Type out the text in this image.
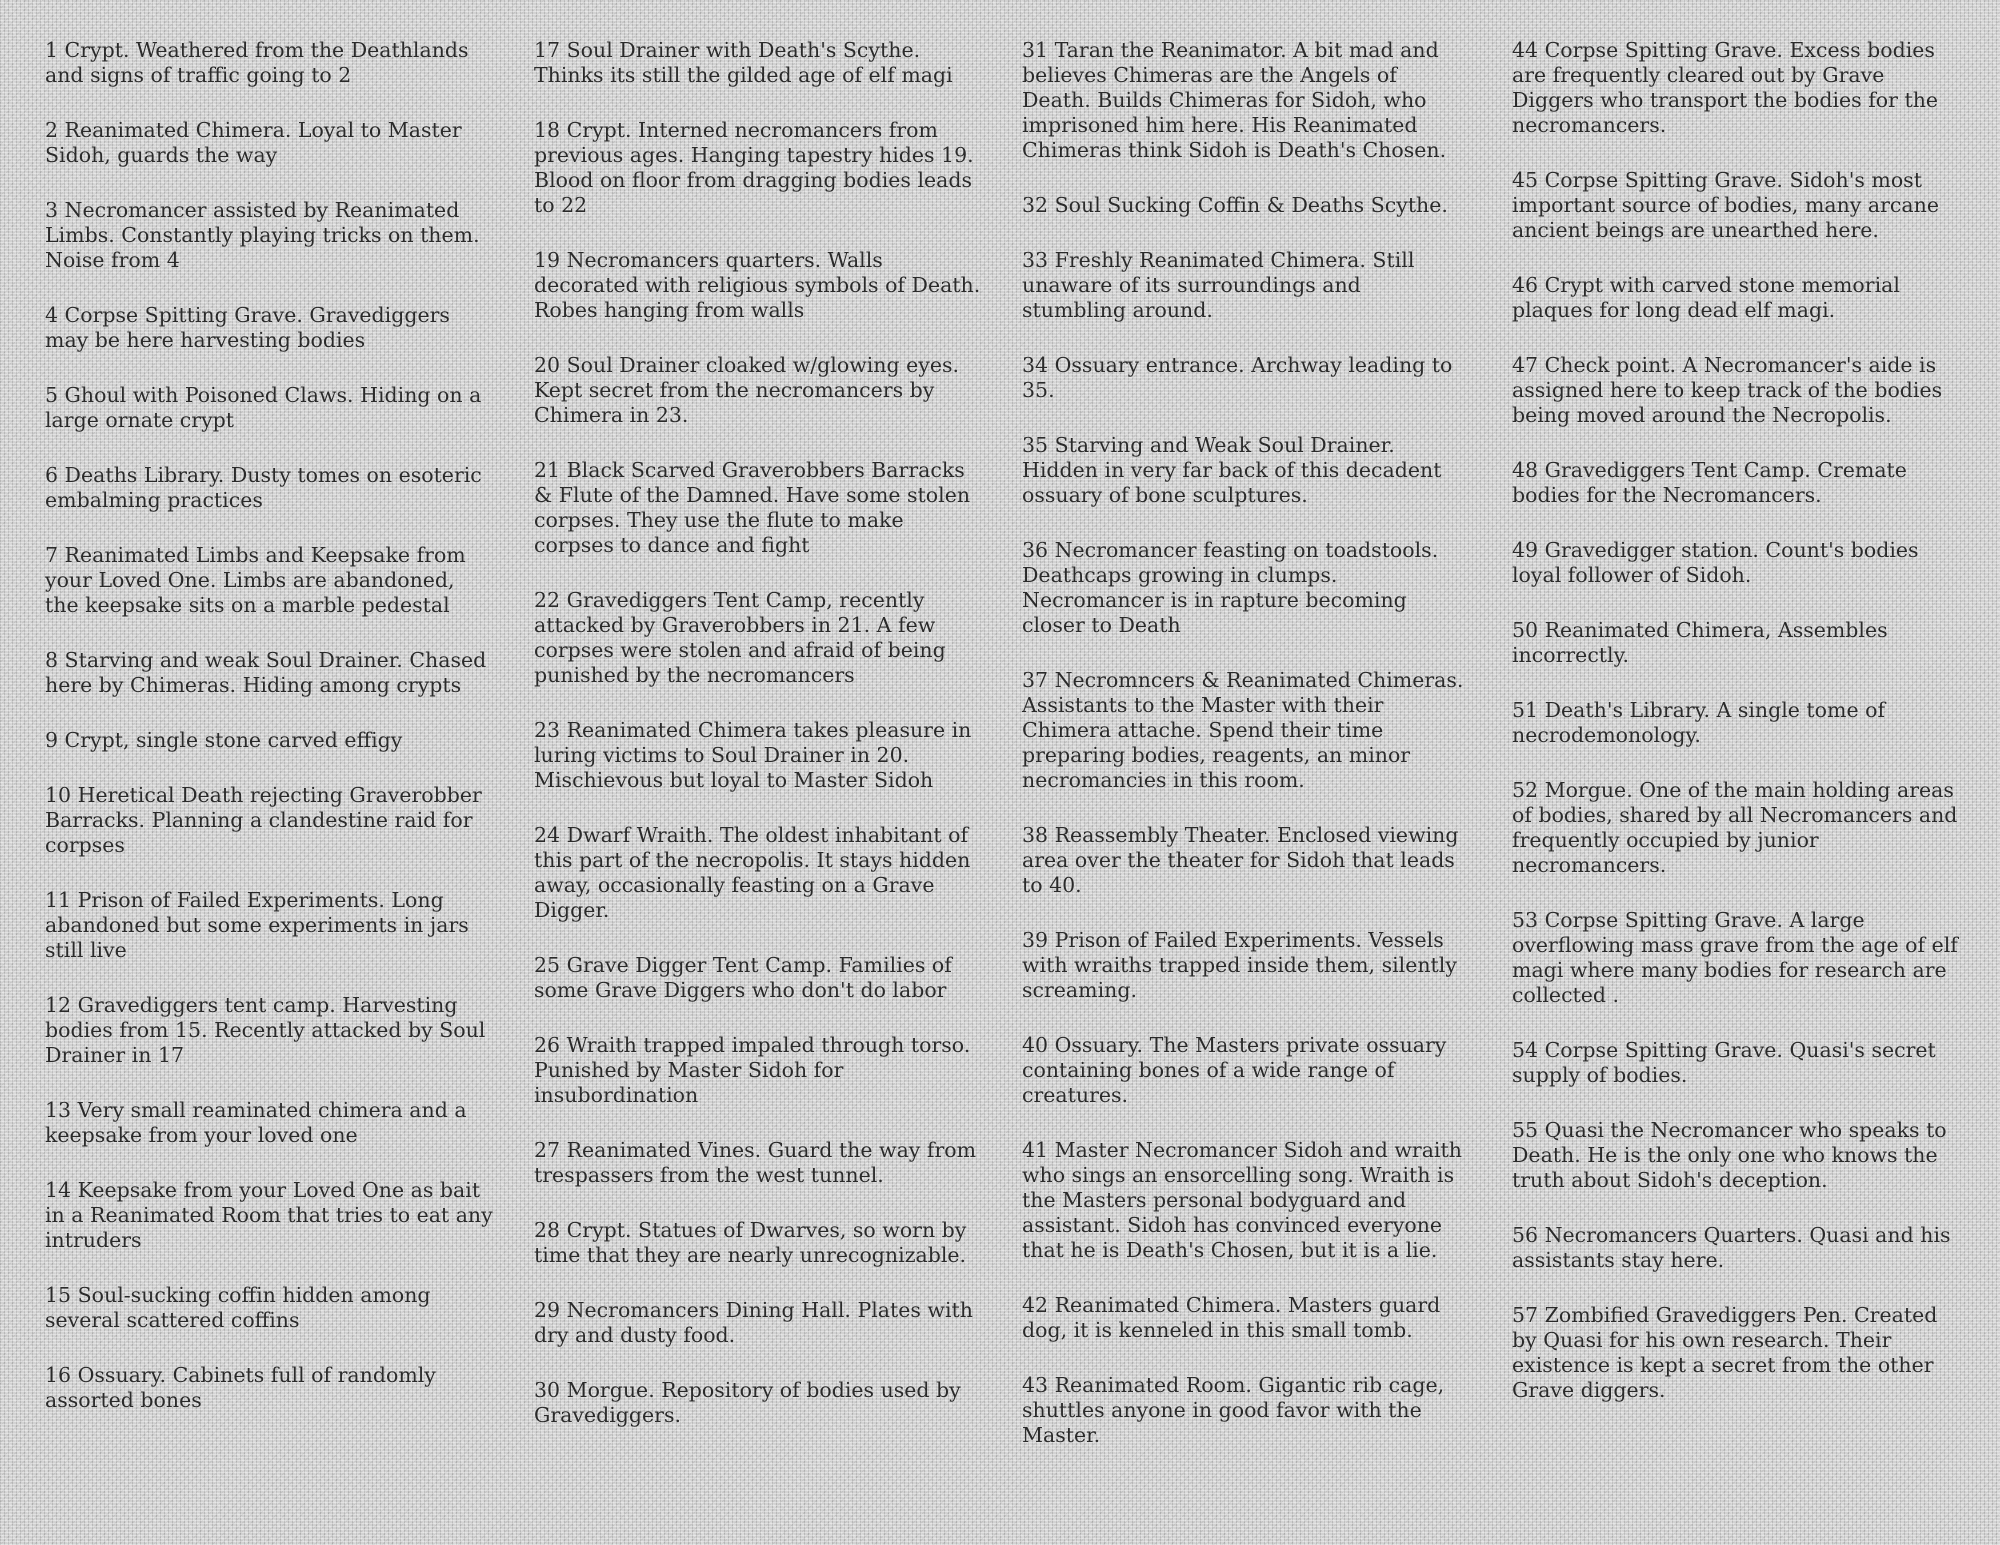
1 Crypt. Weathered from the Deathlands and signs of traffic going to 2

2 Reanimated Chimera. Loyal to Master Sidoh, guards the way

3 Necromancer assisted by Reanimated Limbs. Constantly playing tricks on them. Noise from 4

4 Corpse Spitting Grave. Gravediggers may be here harvesting bodies

5 Ghoul with Poisoned Claws. Hiding on a large ornate crypt

6 Deaths Library. Dusty tomes on esoteric embalming practices

7 Reanimated Limbs and Keepsake from your Loved One. Limbs are abandoned, the keepsake sits on a marble pedestal

8 Starving and weak Soul Drainer. Chased here by Chimeras. Hiding among crypts

9 Crypt, single stone carved effigy

10 Heretical Death rejecting Graverobber Barracks. Planning a clandestine raid for corpses

11 Prison of Failed Experiments. Long abandoned but some experiments in jars still live

12 Gravediggers tent camp. Harvesting bodies from 15. Recently attacked by Soul Drainer in 17

13 Very small reaminated chimera and a keepsake from your loved one

14 Keepsake from your Loved One as bait in a Reanimated Room that tries to eat any intruders

15 Soul-sucking coffin hidden among several scattered coffins

16 Ossuary. Cabinets full of randomly assorted bones

17 Soul Drainer with Death's Scythe. Thinks its still the gilded age of elf magi

18 Crypt. Interned necromancers from previous ages. Hanging tapestry hides 19. Blood on floor from dragging bodies leads to 22

19 Necromancers quarters. Walls decorated with religious symbols of Death. Robes hanging from walls

20 Soul Drainer cloaked w/glowing eyes. Kept secret from the necromancers by Chimera in 23.

21 Black Scarved Graverobbers Barracks & Flute of the Damned. Have some stolen corpses. They use the flute to make corpses to dance and fight

22 Gravediggers Tent Camp, recently attacked by Graverobbers in 21. A few corpses were stolen and afraid of being punished by the necromancers

23 Reanimated Chimera takes pleasure in luring victims to Soul Drainer in 20. Mischievous but loyal to Master Sidoh

24 Dwarf Wraith. The oldest inhabitant of this part of the necropolis. It stays hidden away, occasionally feasting on a Grave Digger.

25 Grave Digger Tent Camp. Families of some Grave Diggers who don't do labor

26 Wraith trapped impaled through torso. Punished by Master Sidoh for insubordination

27 Reanimated Vines. Guard the way from trespassers from the west tunnel.

28 Crypt. Statues of Dwarves, so worn by time that they are nearly unrecognizable.

29 Necromancers Dining Hall. Plates with dry and dusty food.

30 Morgue. Repository of bodies used by Gravediggers.

31 Taran the Reanimator. A bit mad and believes Chimeras are the Angels of Death. Builds Chimeras for Sidoh, who imprisoned him here. His Reanimated Chimeras think Sidoh is Death's Chosen.

32 Soul Sucking Coffin & Deaths Scythe.

33 Freshly Reanimated Chimera. Still unaware of its surroundings and stumbling around.

34 Ossuary entrance. Archway leading to 35.

35 Starving and Weak Soul Drainer. Hidden in very far back of this decadent ossuary of bone sculptures.

36 Necromancer feasting on toadstools. Deathcaps growing in clumps. Necromancer is in rapture becoming closer to Death

37 Necromncers & Reanimated Chimeras. Assistants to the Master with their Chimera attache. Spend their time preparing bodies, reagents, an minor necromancies in this room.

38 Reassembly Theater. Enclosed viewing area over the theater for Sidoh that leads to 40.

39 Prison of Failed Experiments. Vessels with wraiths trapped inside them, silently screaming.

40 Ossuary. The Masters private ossuary containing bones of a wide range of creatures.

41 Master Necromancer Sidoh and wraith who sings an ensorcelling song. Wraith is the Masters personal bodyguard and assistant. Sidoh has convinced everyone that he is Death's Chosen, but it is a lie.

42 Reanimated Chimera. Masters guard dog, it is kenneled in this small tomb.

43 Reanimated Room. Gigantic rib cage, shuttles anyone in good favor with the Master.

44 Corpse Spitting Grave. Excess bodies are frequently cleared out by Grave Diggers who transport the bodies for the necromancers.

45 Corpse Spitting Grave. Sidoh's most important source of bodies, many arcane ancient beings are unearthed here.

46 Crypt with carved stone memorial plaques for long dead elf magi.

47 Check point. A Necromancer's aide is assigned here to keep track of the bodies being moved around the Necropolis.

48 Gravediggers Tent Camp. Cremate bodies for the Necromancers.

49 Gravedigger station. Count's bodies loyal follower of Sidoh.

50 Reanimated Chimera, Assembles incorrectly.

51 Death's Library. A single tome of necrodemonology.

52 Morgue. One of the main holding areas of bodies, shared by all Necromancers and frequently occupied by junior necromancers.

53 Corpse Spitting Grave. A large overflowing mass grave from the age of elf magi where many bodies for research are collected .

54 Corpse Spitting Grave. Quasi's secret supply of bodies.

55 Quasi the Necromancer who speaks to Death. He is the only one who knows the truth about Sidoh's deception.

56 Necromancers Quarters. Quasi and his assistants stay here.

57 Zombified Gravediggers Pen. Created by Quasi for his own research. Their existence is kept a secret from the other Grave diggers.
